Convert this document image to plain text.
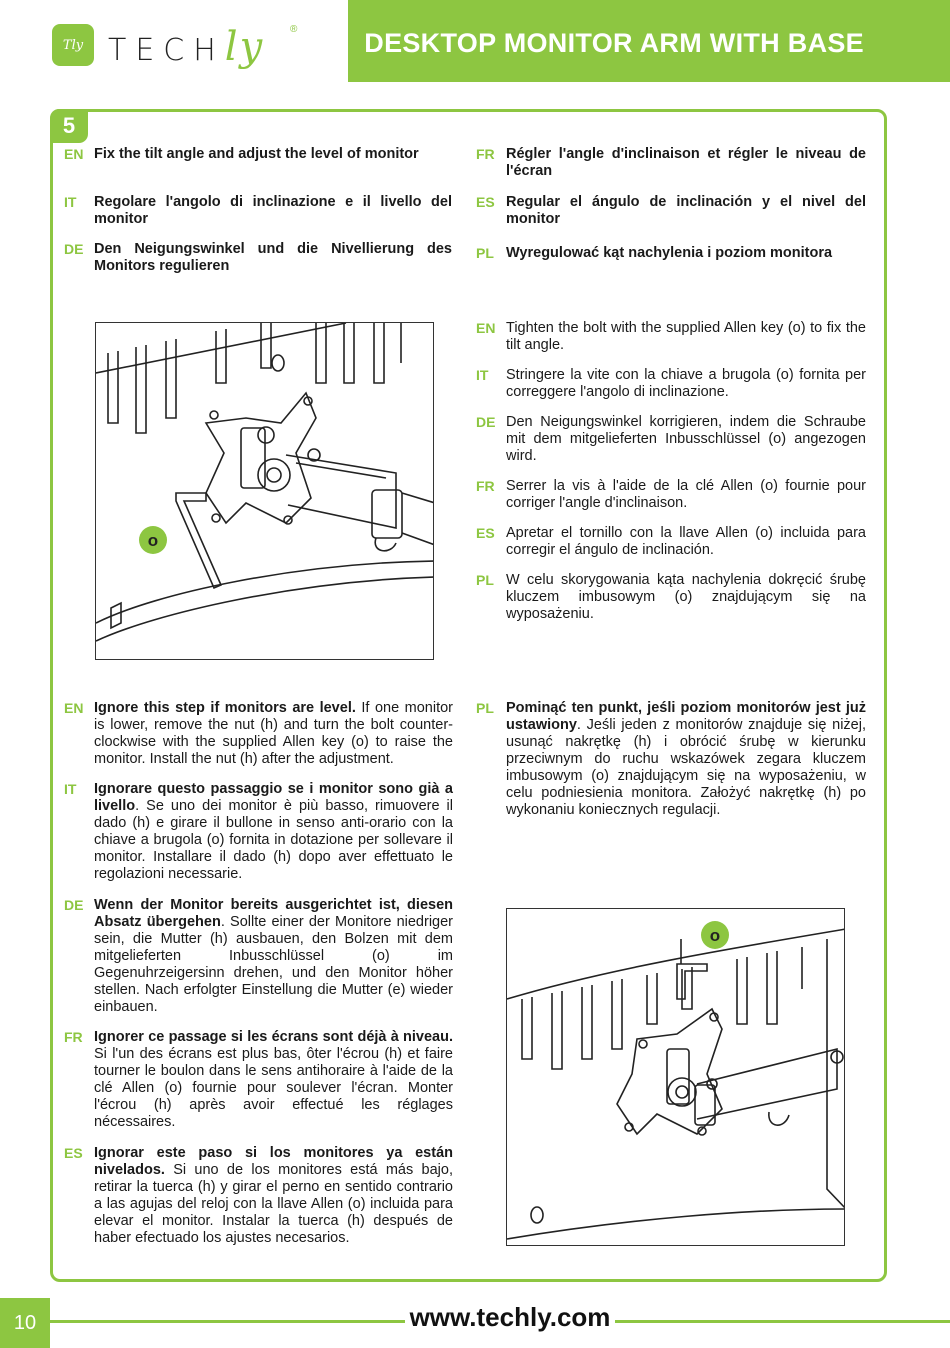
Tly TECHly	® DESKTOP MONITOR ARM WITH BASE
5
EN Fix the tilt angle and adjust the level of monitor
IT	Regolare l'angolo di inclinazione e il livello del monitor
DE Den Neigungswinkel und die Nivellierung des Monitors regulieren
FR Régler l'angle d'inclinaison et régler le niveau de l'écran
ES Regular el ángulo de inclinación y el nivel del monitor
PL Wyregulować kąt nachylenia i poziom monitora
o
EN Tighten the bolt with the supplied Allen key (o) to fix the tilt angle.
IT	Stringere la vite con la chiave a brugola (o) fornita per correggere l'angolo di inclinazione.
DE Den Neigungswinkel korrigieren, indem die Schraube mit dem mitgelieferten Inbusschlüssel (o) angezogen wird.
FR Serrer la vis à l'aide de la clé Allen (o) fournie pour corriger l'angle d'inclinaison.
ES Apretar el tornillo con la llave Allen (o) incluida para corregir el ángulo de inclinación.
PL W celu skorygowania kąta nachylenia dokręcić śrubę kluczem imbusowym (o) znajdującym się na wyposażeniu.
EN Ignore this step if monitors are level. If one monitor is lower, remove the nut (h) and turn the bolt counter-clockwise with the supplied Allen key (o) to raise the monitor. Install the nut (h) after the adjustment.
IT	Ignorare questo passaggio se i monitor sono già a livello. Se uno dei monitor è più basso, rimuovere il dado (h) e girare il bullone in senso anti-orario con la chiave a brugola (o) fornita in dotazione per sollevare il monitor. Installare il dado (h) dopo aver effettuato le regolazioni necessarie.
DE Wenn der Monitor bereits ausgerichtet ist, diesen Absatz übergehen. Sollte einer der Monitore niedriger sein, die Mutter (h) ausbauen, den Bolzen mit dem mitgelieferten Inbusschlüssel (o) im Gegenuhrzeigersinn drehen, und den Monitor höher stellen. Nach erfolgter Einstellung die Mutter (e) wieder einbauen.
FR Ignorer ce passage si les écrans sont déjà à niveau. Si l'un des écrans est plus bas, ôter l'écrou (h) et faire tourner le boulon dans le sens antihoraire à l'aide de la clé Allen (o) fournie pour soulever l'écran. Monter l'écrou (h) après avoir effectué les réglages nécessaires.
ES Ignorar este paso si los monitores ya están nivelados. Si uno de los monitores está más bajo, retirar la tuerca (h) y girar el perno en sentido contrario a las agujas del reloj con la llave Allen (o) incluida para elevar el monitor. Instalar la tuerca (h) después de haber efectuado los ajustes necesarios.
PL Pominąć ten punkt, jeśli poziom monitorów jest już ustawiony. Jeśli jeden z monitorów znajduje się niżej, usunąć nakrętkę (h) i obrócić śrubę w kierunku przeciwnym do ruchu wskazówek zegara kluczem imbusowym (o) znajdującym się na wyposażeniu, w celu podniesienia monitora. Założyć nakrętkę (h) po wykonaniu koniecznych regulacji.
o
10	www.techly.com
